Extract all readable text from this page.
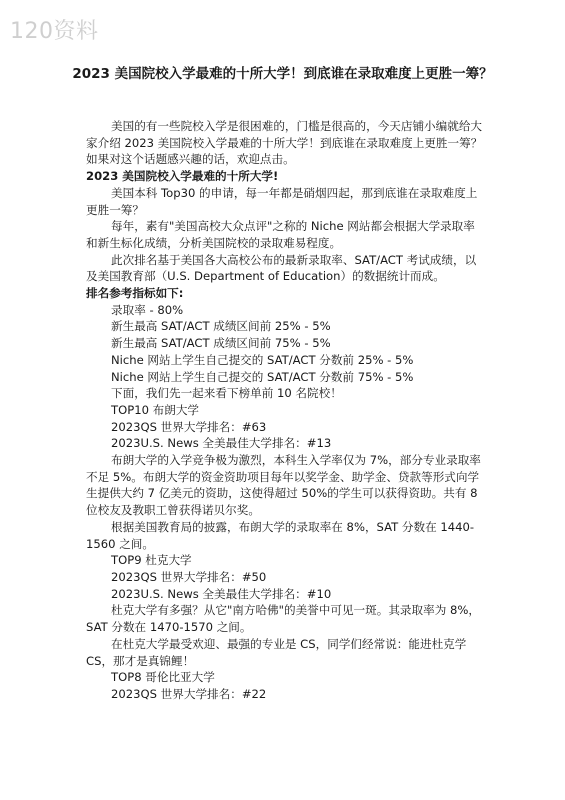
120资料
2023 美国院校入学最难的十所大学！到底谁在录取难度上更胜一筹？

美国的有一些院校入学是很困难的，门槛是很高的，今天店铺小编就给大家介绍 2023 美国院校入学最难的十所大学！到底谁在录取难度上更胜一筹？如果对这个话题感兴趣的话，欢迎点击。

2023 美国院校入学最难的十所大学!

美国本科 Top30 的申请，每一年都是硝烟四起，那到底谁在录取难度上更胜一筹？

每年，素有"美国高校大众点评"之称的 Niche 网站都会根据大学录取率和新生标化成绩，分析美国院校的录取难易程度。

此次排名基于美国各大高校公布的最新录取率、SAT/ACT 考试成绩，以及美国教育部（U.S. Department of Education）的数据统计而成。

排名参考指标如下:

录取率 - 80%

新生最高 SAT/ACT 成绩区间前 25% - 5%

新生最高 SAT/ACT 成绩区间前 75% - 5%

Niche 网站上学生自己提交的 SAT/ACT 分数前 25% - 5%

Niche 网站上学生自己提交的 SAT/ACT 分数前 75% - 5%

下面，我们先一起来看下榜单前 10 名院校！

TOP10 布朗大学

2023QS 世界大学排名：#63

2023U.S. News 全美最佳大学排名：#13

布朗大学的入学竞争极为激烈，本科生入学率仅为 7%，部分专业录取率不足 5%。布朗大学的资金资助项目每年以奖学金、助学金、贷款等形式向学生提供大约 7 亿美元的资助，这使得超过 50%的学生可以获得资助。共有 8 位校友及教职工曾获得诺贝尔奖。

根据美国教育局的披露，布朗大学的录取率在 8%，SAT 分数在 1440-1560 之间。

TOP9 杜克大学

2023QS 世界大学排名：#50

2023U.S. News 全美最佳大学排名：#10

杜克大学有多强？从它"南方哈佛"的美誉中可见一斑。其录取率为 8%，SAT 分数在 1470-1570 之间。

在杜克大学最受欢迎、最强的专业是 CS，同学们经常说：能进杜克学 CS，那才是真锦鲤！

TOP8 哥伦比亚大学

2023QS 世界大学排名：#22
